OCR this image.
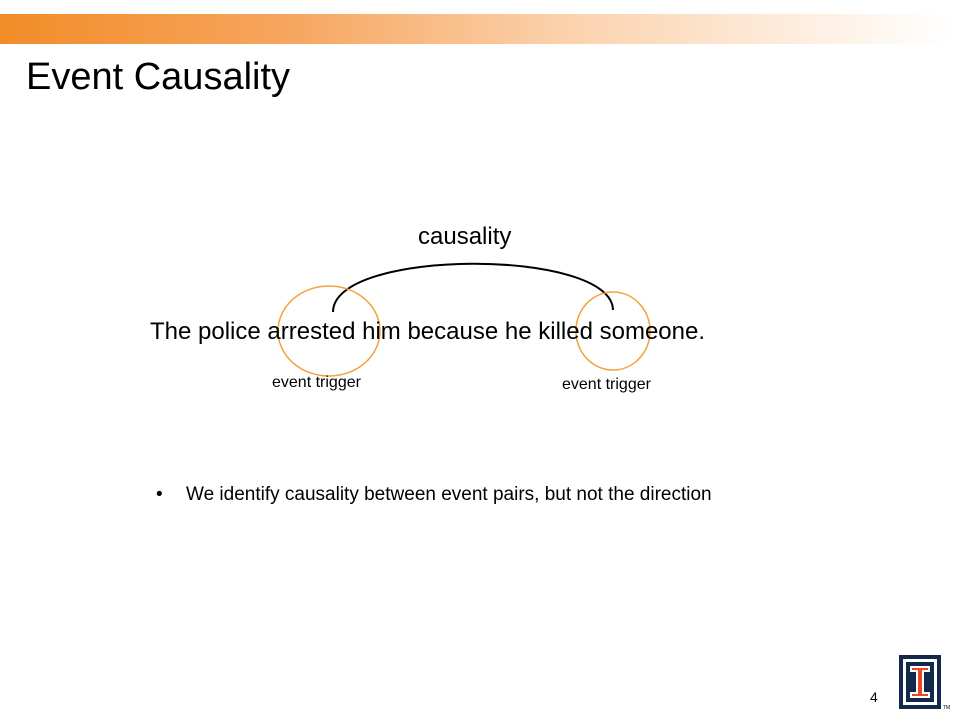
Event Causality
causality
The police arrested him because he killed someone.
event trigger	event trigger
• We identify causality between event pairs, but not the direction
4
TM
